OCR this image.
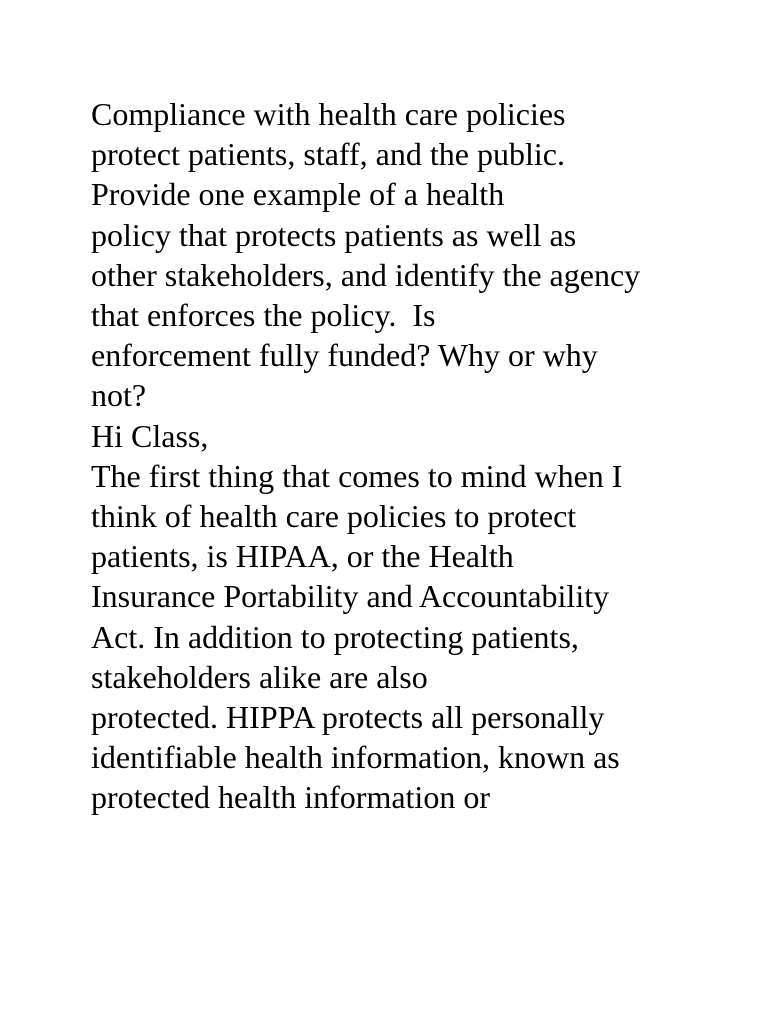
Compliance with health care policies
protect patients, staff, and the public.
Provide one example of a health
policy that protects patients as well as
other stakeholders, and identify the agency
that enforces the policy.  Is
enforcement fully funded? Why or why
not?
Hi Class,
The first thing that comes to mind when I
think of health care policies to protect
patients, is HIPAA, or the Health
Insurance Portability and Accountability
Act. In addition to protecting patients,
stakeholders alike are also
protected. HIPPA protects all personally
identifiable health information, known as
protected health information or
